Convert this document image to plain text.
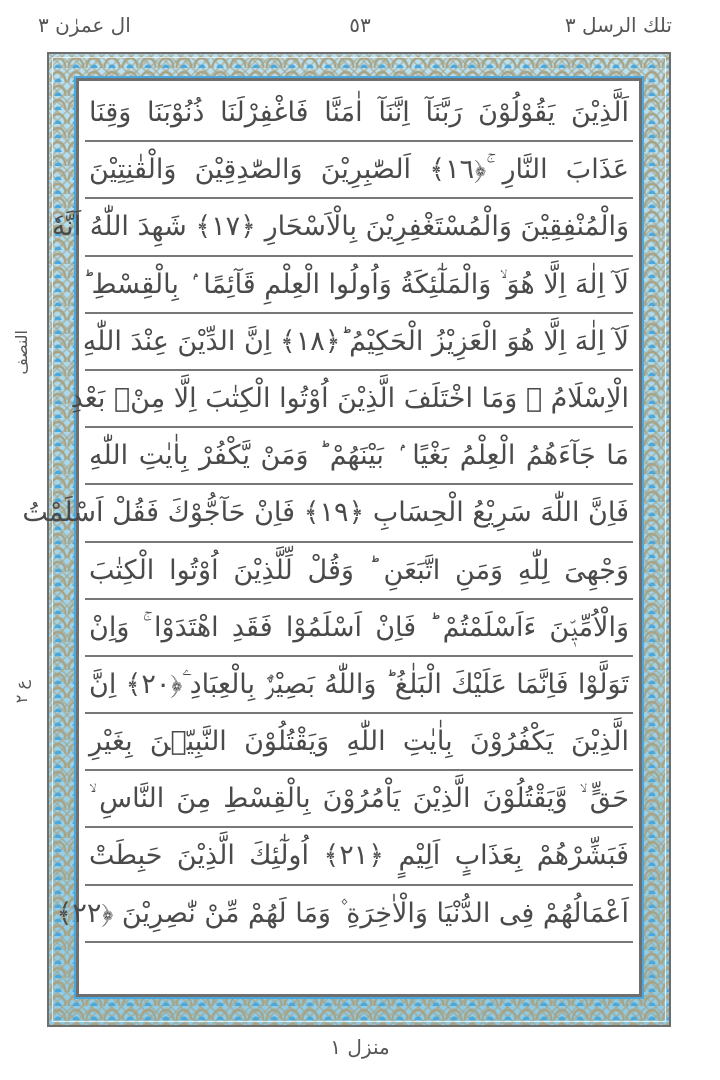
تلك الرسل ٣
٥٣
ال عمرٰن ٣
النصف
ع ٢
اَلَّذِيْنَ يَقُوْلُوْنَ رَبَّنَآ اِنَّنَآ اٰمَنَّا فَاغْفِرْلَنَا ذُنُوْبَنَا وَقِنَا
عَذَابَ النَّارِ ۚ﴿١٦﴾ اَلصّٰبِرِيْنَ وَالصّٰدِقِيْنَ وَالْقٰنِتِيْنَ
وَالْمُنْفِقِيْنَ وَالْمُسْتَغْفِرِيْنَ بِالْاَسْحَارِ ﴿١٧﴾ شَهِدَ اللّٰهُ اَنَّهٗ
لَآ اِلٰهَ اِلَّا هُوَ ۙ وَالْمَلٰٓئِكَةُ وَاُولُوا الْعِلْمِ قَآئِمًا ۢ بِالْقِسْطِ ؕ
لَآ اِلٰهَ اِلَّا هُوَ الْعَزِيْزُ الْحَكِيْمُ ؕ﴿١٨﴾ اِنَّ الدِّيْنَ عِنْدَ اللّٰهِ
الْاِسْلَامُ ۟ وَمَا اخْتَلَفَ الَّذِيْنَ اُوْتُوا الْكِتٰبَ اِلَّا مِنْۢ بَعْدِ
مَا جَآءَهُمُ الْعِلْمُ بَغْيًا ۢ بَيْنَهُمْ ؕ وَمَنْ يَّكْفُرْ بِاٰيٰتِ اللّٰهِ
فَاِنَّ اللّٰهَ سَرِيْعُ الْحِسَابِ ﴿١٩﴾ فَاِنْ حَآجُّوْكَ فَقُلْ اَسْلَمْتُ
وَجْهِىَ لِلّٰهِ وَمَنِ اتَّبَعَنِ ؕ وَقُلْ لِّلَّذِيْنَ اُوْتُوا الْكِتٰبَ
وَالْاُمِّيّٖنَ ءَاَسْلَمْتُمْ ؕ فَاِنْ اَسْلَمُوْا فَقَدِ اهْتَدَوْا ۚ وَاِنْ
تَوَلَّوْا فَاِنَّمَا عَلَيْكَ الْبَلٰغُ ؕ وَاللّٰهُ بَصِيْرٌۢ بِالْعِبَادِ ۧ﴿٢٠﴾ اِنَّ
الَّذِيْنَ يَكْفُرُوْنَ بِاٰيٰتِ اللّٰهِ وَيَقْتُلُوْنَ النَّبِيّٖنَ بِغَيْرِ
حَقٍّ ۙ وَّيَقْتُلُوْنَ الَّذِيْنَ يَاْمُرُوْنَ بِالْقِسْطِ مِنَ النَّاسِ ۙ
فَبَشِّرْهُمْ بِعَذَابٍ اَلِيْمٍ ﴿٢١﴾ اُولٰٓئِكَ الَّذِيْنَ حَبِطَتْ
اَعْمَالُهُمْ فِى الدُّنْيَا وَالْاٰخِرَةِ ۫ وَمَا لَهُمْ مِّنْ نّٰصِرِيْنَ ﴿٢٢﴾
منزل ١
